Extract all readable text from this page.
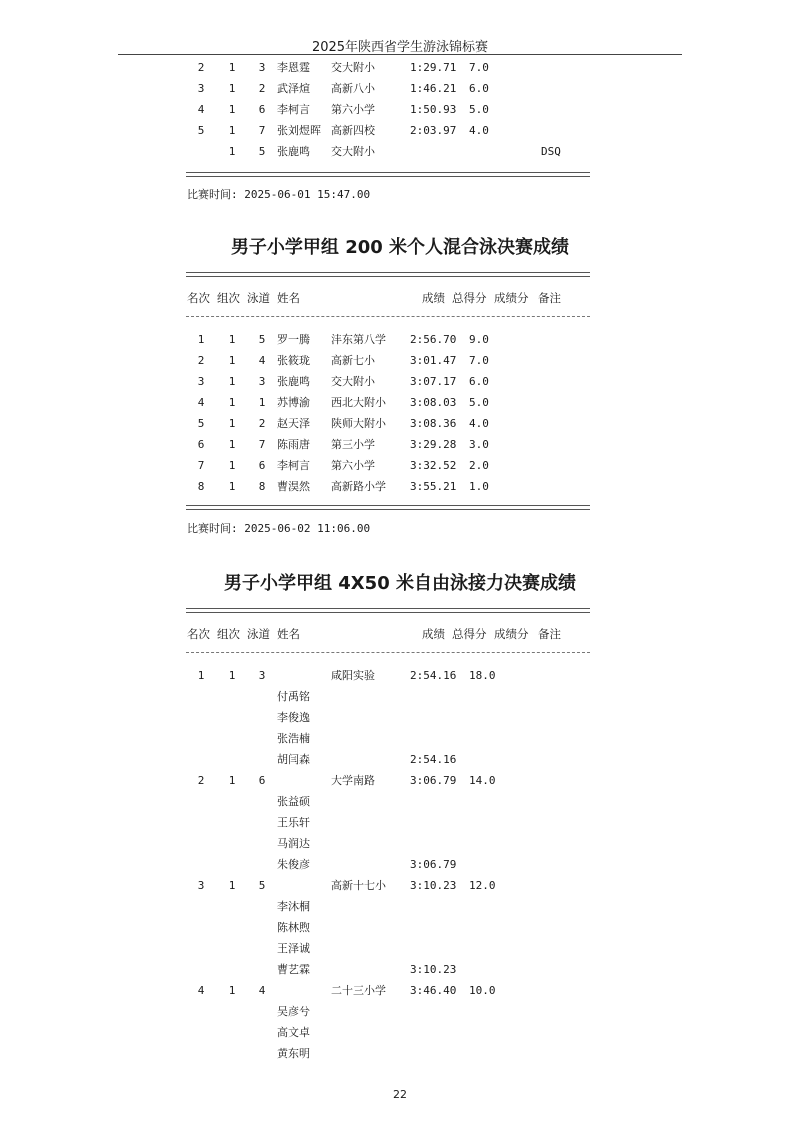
2025年陕西省学生游泳锦标赛
2 1 3 李恩霆 交大附小	1:29.71 7.0
3 1 2 武泽煊 高新八小	1:46.21 6.0
4 1 6 李柯言 第六小学	1:50.93 5.0
5 1 7 张刘煜晖 高新四校	2:03.97 4.0
1 5 张鹿鸣 交大附小	DSQ
比赛时间: 2025-06-01 15:47.00
男子小学甲组 200 米个人混合泳决赛成绩
名次 组次 泳道 姓名	成绩 总得分 成绩分 备注
1 1 5 罗一腾 沣东第八学 2:56.70 9.0
2 1 4 张筱珑 高新七小	3:01.47 7.0
3 1 3 张鹿鸣 交大附小	3:07.17 6.0
4 1 1 苏博渝 西北大附小 3:08.03 5.0
5 1 2 赵天泽 陕师大附小 3:08.36 4.0
6 1 7 陈雨唐 第三小学	3:29.28 3.0
7 1 6 李柯言 第六小学	3:32.52 2.0
8 1 8 曹淏然 高新路小学 3:55.21 1.0
比赛时间: 2025-06-02 11:06.00
男子小学甲组 4X50 米自由泳接力决赛成绩
名次 组次 泳道 姓名	成绩 总得分 成绩分 备注
1 1 3	咸阳实验	2:54.16 18.0
付禹铭
李俊逸
张浩楠
胡闫森	2:54.16
2 1 6	大学南路	3:06.79 14.0
张益硕
王乐轩
马润达
朱俊彦	3:06.79
3 1 5	高新十七小 3:10.23 12.0
李沐桐
陈林煦
王泽诚
曹艺霖	3:10.23
4 1 4	二十三小学 3:46.40 10.0
吴彦兮
高文卓
黄东明
22
